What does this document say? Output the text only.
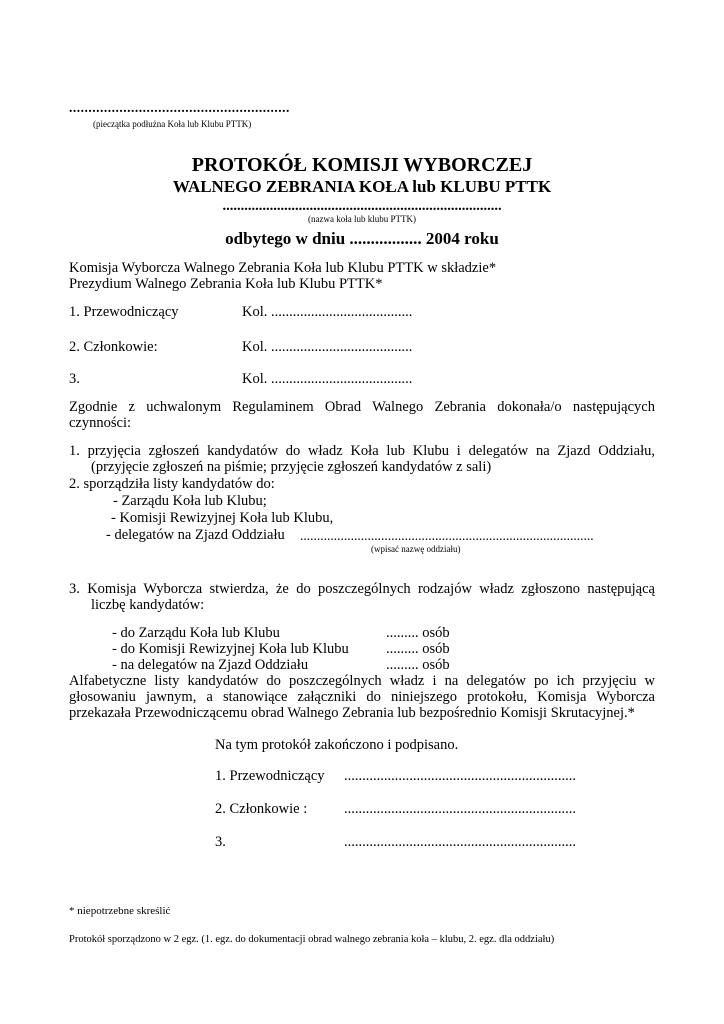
.........................................................
(pieczątka podłużna Koła lub Klubu PTTK)
PROTOKÓŁ KOMISJI WYBORCZEJ
WALNEGO ZEBRANIA KOŁA lub KLUBU PTTK
.............................................................................
(nazwa koła lub klubu PTTK)
odbytego w dniu ................. 2004 roku
Komisja Wyborcza Walnego Zebrania Koła lub Klubu PTTK w składzie*
Prezydium Walnego Zebrania Koła lub Klubu PTTK*
1. Przewodniczący	Kol. .......................................
2. Członkowie:	Kol. .......................................
3.	Kol. .......................................
Zgodnie z uchwalonym Regulaminem Obrad Walnego Zebrania dokonała/o następujących
czynności:
1. przyjęcia zgłoszeń kandydatów do władz Koła lub Klubu i delegatów na Zjazd Oddziału,
(przyjęcie zgłoszeń na piśmie; przyjęcie zgłoszeń kandydatów z sali)
2. sporządziła listy kandydatów do:
- Zarządu Koła lub Klubu;
- Komisji Rewizyjnej Koła lub Klubu,
- delegatów na Zjazd Oddziału .......................................................................................
(wpisać nazwę oddziału)
3. Komisja Wyborcza stwierdza, że do poszczególnych rodzajów władz zgłoszono następującą
liczbę kandydatów:
- do Zarządu Koła lub Klubu	......... osób
- do Komisji Rewizyjnej Koła lub Klubu	......... osób
- na delegatów na Zjazd Oddziału	......... osób
Alfabetyczne listy kandydatów do poszczególnych władz i na delegatów po ich przyjęciu w
głosowaniu jawnym, a stanowiące załączniki do niniejszego protokołu, Komisja Wyborcza
przekazała Przewodniczącemu obrad Walnego Zebrania lub bezpośrednio Komisji Skrutacyjnej.*
Na tym protokół zakończono i podpisano.
1. Przewodniczący ................................................................
2. Członkowie :	................................................................
3.	................................................................
* niepotrzebne skreślić
Protokół sporządzono w 2 egz. (1. egz. do dokumentacji obrad walnego zebrania koła – klubu, 2. egz. dla oddziału)
